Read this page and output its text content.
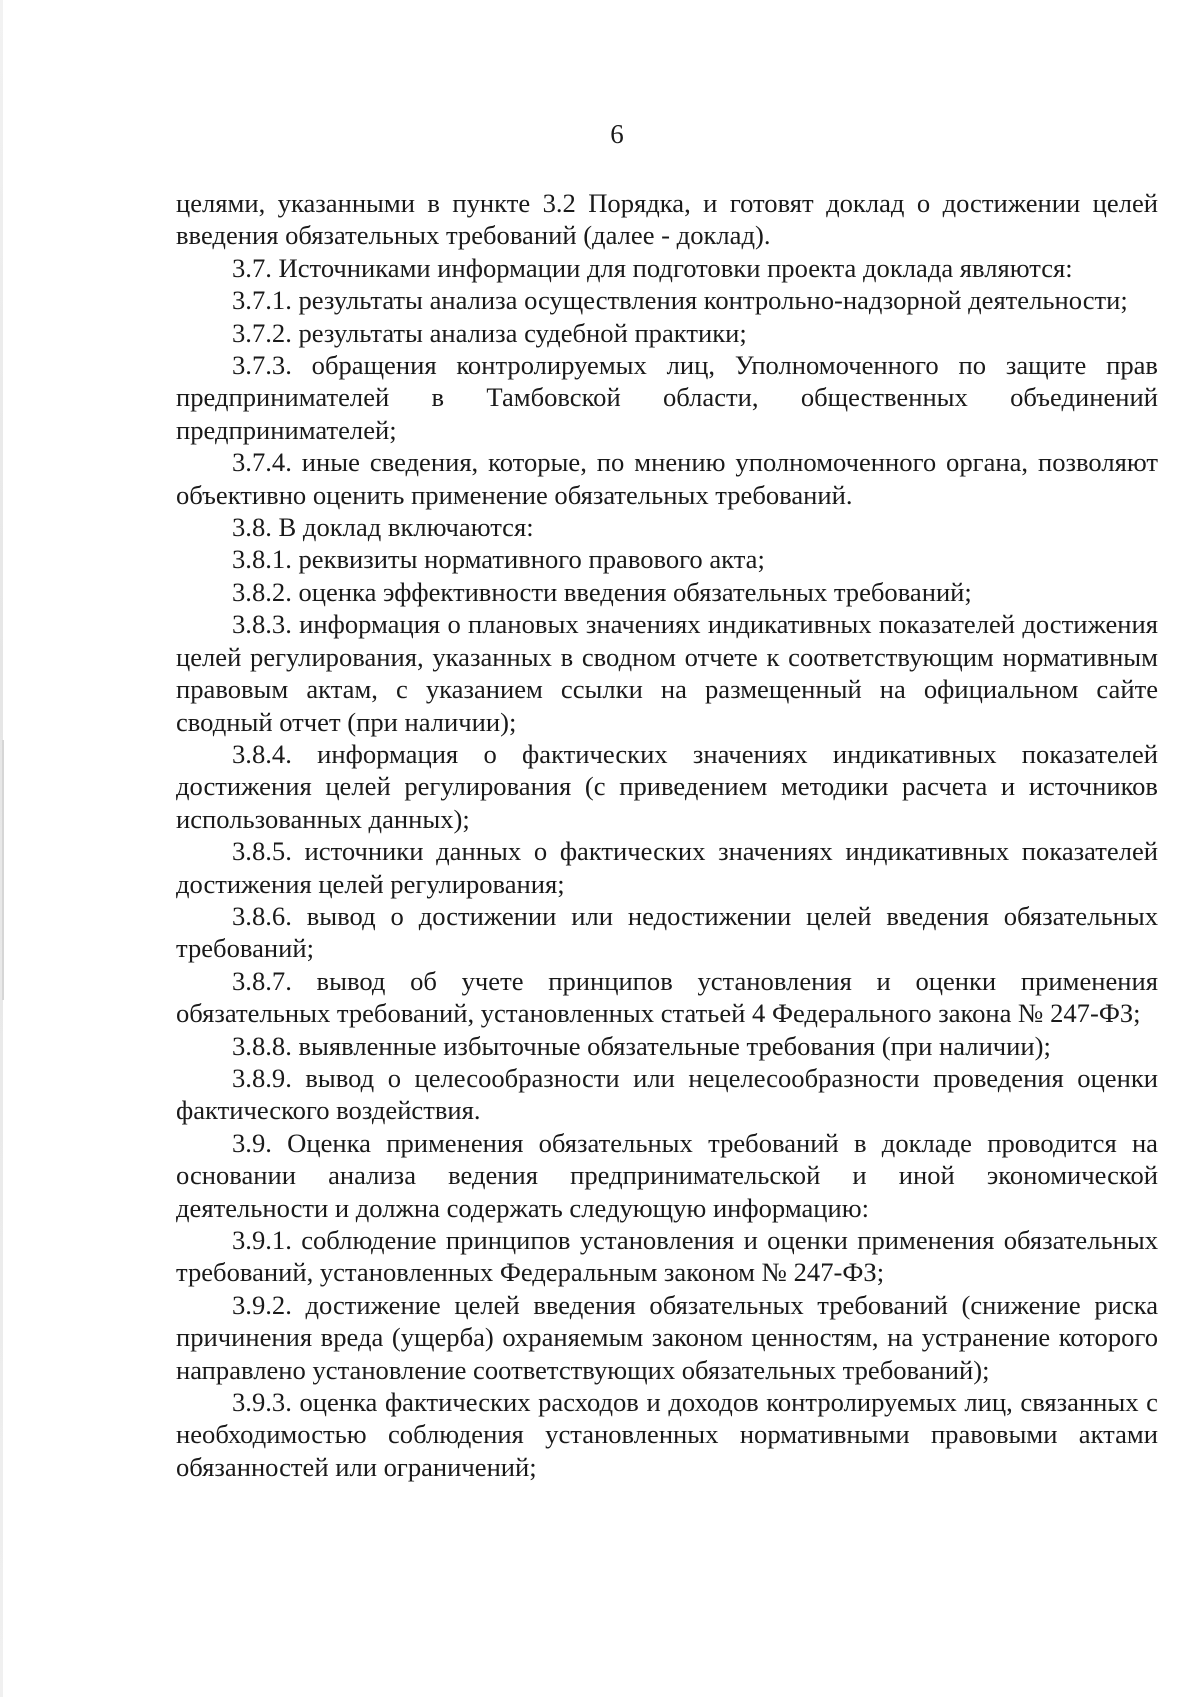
6

целями, указанными в пункте 3.2 Порядка, и готовят доклад о достижении целей введения обязательных требований (далее - доклад).

3.7. Источниками информации для подготовки проекта доклада являются:

3.7.1. результаты анализа осуществления контрольно-надзорной деятельности;

3.7.2. результаты анализа судебной практики;

3.7.3. обращения контролируемых лиц, Уполномоченного по защите прав предпринимателей в Тамбовской области, общественных объединений предпринимателей;

3.7.4. иные сведения, которые, по мнению уполномоченного органа, позволяют объективно оценить применение обязательных требований.

3.8. В доклад включаются:

3.8.1. реквизиты нормативного правового акта;

3.8.2. оценка эффективности введения обязательных требований;

3.8.3. информация о плановых значениях индикативных показателей достижения целей регулирования, указанных в сводном отчете к соответствующим нормативным правовым актам, с указанием ссылки на размещенный на официальном сайте сводный отчет (при наличии);

3.8.4. информация о фактических значениях индикативных показателей достижения целей регулирования (с приведением методики расчета и источников использованных данных);

3.8.5. источники данных о фактических значениях индикативных показателей достижения целей регулирования;

3.8.6. вывод о достижении или недостижении целей введения обязательных требований;

3.8.7. вывод об учете принципов установления и оценки применения обязательных требований, установленных статьей 4 Федерального закона № 247-ФЗ;

3.8.8. выявленные избыточные обязательные требования (при наличии);

3.8.9. вывод о целесообразности или нецелесообразности проведения оценки фактического воздействия.

3.9. Оценка применения обязательных требований в докладе проводится на основании анализа ведения предпринимательской и иной экономической деятельности и должна содержать следующую информацию:

3.9.1. соблюдение принципов установления и оценки применения обязательных требований, установленных Федеральным законом № 247-ФЗ;

3.9.2. достижение целей введения обязательных требований (снижение риска причинения вреда (ущерба) охраняемым законом ценностям, на устранение которого направлено установление соответствующих обязательных требований);

3.9.3. оценка фактических расходов и доходов контролируемых лиц, связанных с необходимостью соблюдения установленных нормативными правовыми актами обязанностей или ограничений;
